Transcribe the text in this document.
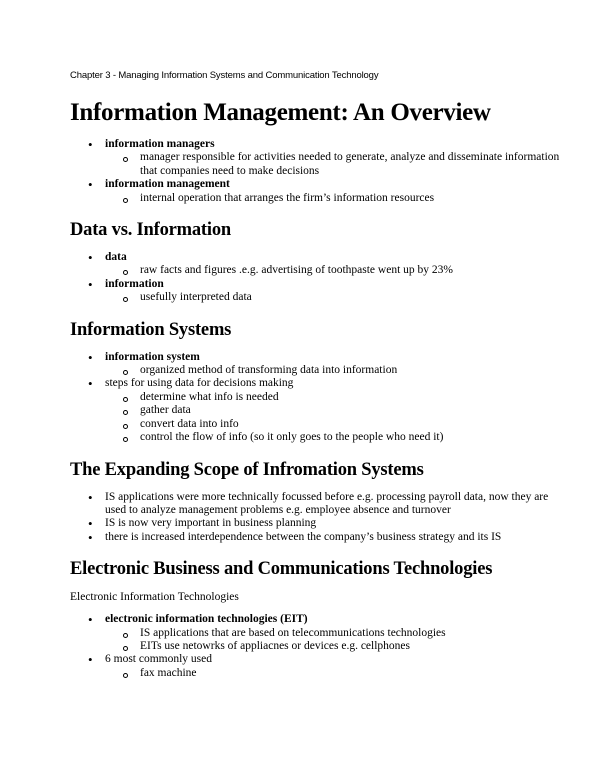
Chapter 3 - Managing Information Systems and Communication Technology
Information Management: An Overview
• information managers
manager responsible for activities needed to generate, analyze and disseminate information that companies need to make decisions
• information management
internal operation that arranges the firm’s information resources
Data vs. Information
• data
raw facts and figures .e.g. advertising of toothpaste went up by 23%
• information
usefully interpreted data
Information Systems
• information system
organized method of transforming data into information
• steps for using data for decisions making
determine what info is needed
gather data
convert data into info
control the flow of info (so it only goes to the people who need it)
The Expanding Scope of Infromation Systems
• IS applications were more technically focussed before e.g. processing payroll data, now they are used to analyze management problems e.g. employee absence and turnover
• IS is now very important in business planning
• there is increased interdependence between the company’s business strategy and its IS
Electronic Business and Communications Technologies

Electronic Information Technologies

• electronic information technologies (EIT)
IS applications that are based on telecommunications technologies
EITs use netowrks of appliacnes or devices e.g. cellphones
• 6 most commonly used
fax machine
